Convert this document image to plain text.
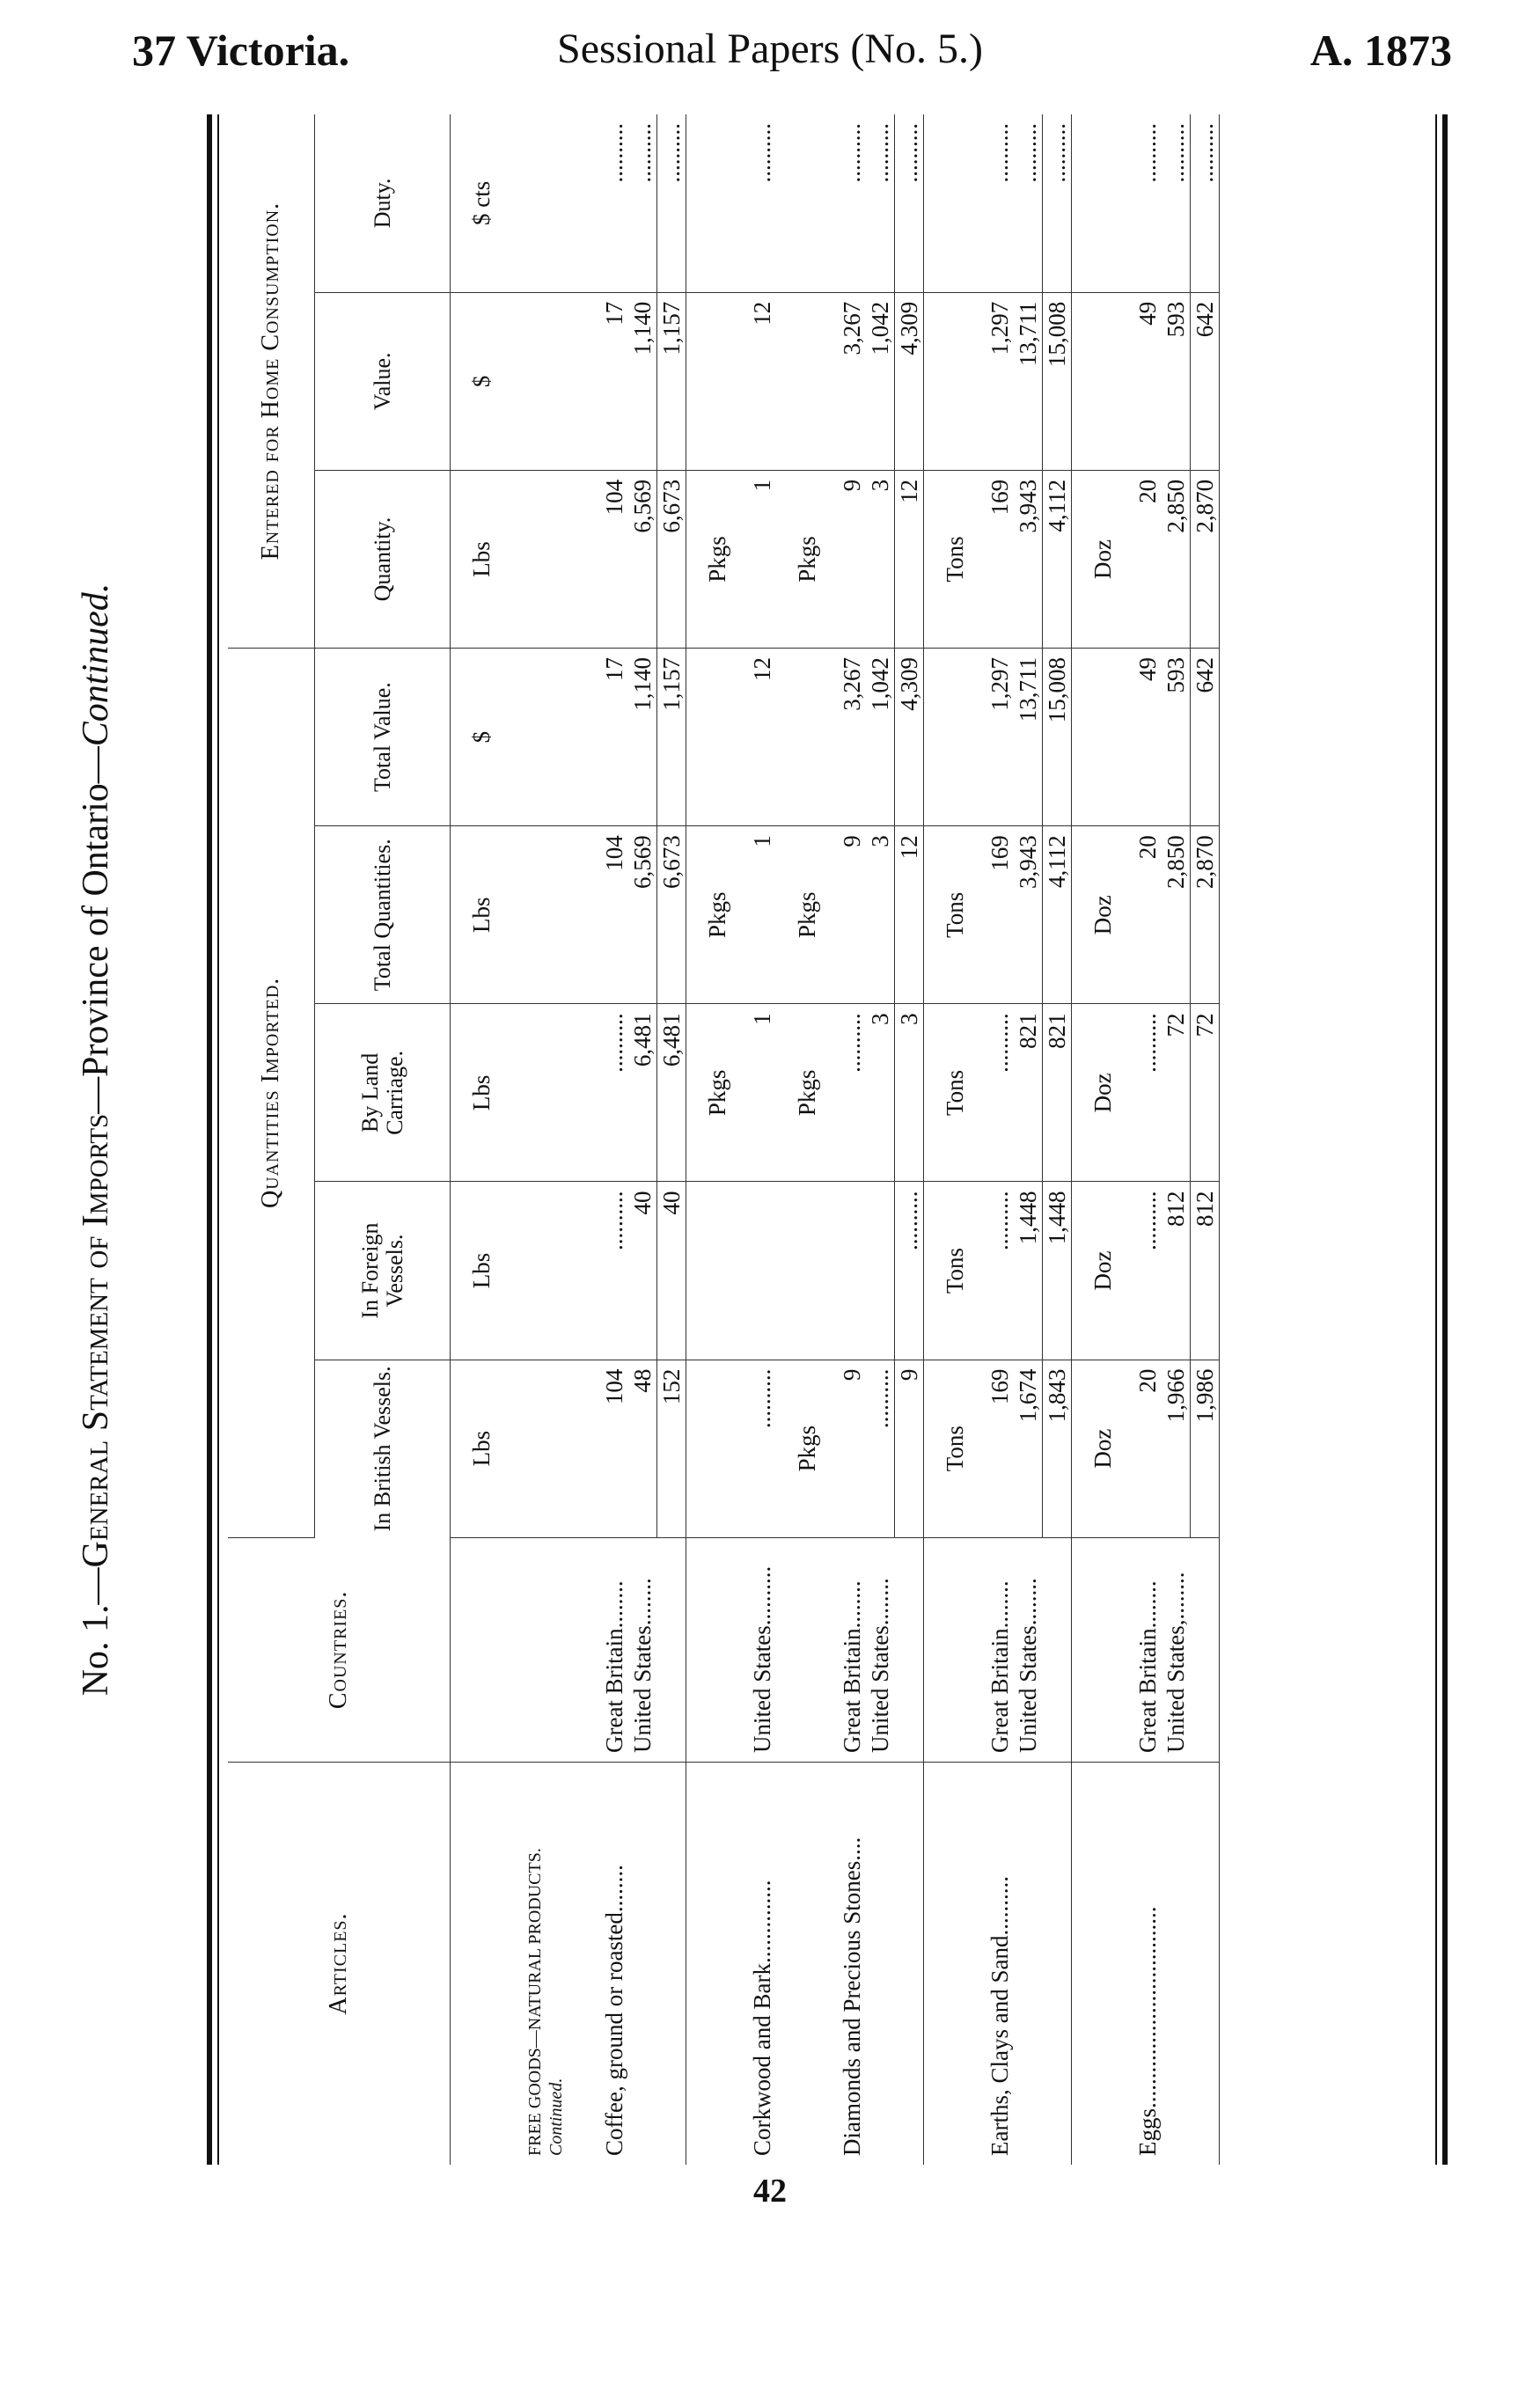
37 Victoria.	Sessional Papers (No. 5.)	A. 1873
No. 1.—General Statement of Imports—Province of Ontario—Continued.
Articles.	Countries.	Quantities Imported.					Entered for Home Consumption.		
		In British Vessels.	In Foreign Vessels.	By Land Carriage.	Total Quantities.	Total Value.	Quantity.	Value.	Duty.
		Lbs	Lbs	Lbs	Lbs	$	Lbs	$	$ cts
FREE GOODS—NATURAL PRODUCTS. Continued.									

Coffee, ground or roasted........	Great Britain........	104	..........	..........	104	17	104	17	..........
	United States........	48	40	6,481	6,569	1,140	6,569	1,140	..........
		152	40	6,481	6,673	1,157	6,673	1,157	..........
				Pkgs	Pkgs		Pkgs		
Corkwood and Bark..............	United States..........	..........		1	1	12	1	12	..........
		Pkgs		Pkgs	Pkgs		Pkgs		
Diamonds and Precious Stones....	Great Britain........	9		..........	9	3,267	9	3,267	..........
	United States........	..........		3	3	1,042	3	1,042	..........
		9	..........	3	12	4,309	12	4,309	..........
		Tons	Tons	Tons	Tons		Tons		
Earths, Clays and Sand..........	Great Britain........	169	..........	..........	169	1,297	169	1,297	..........
	United States........	1,674	1,448	821	3,943	13,711	3,943	13,711	..........
		1,843	1,448	821	4,112	15,008	4,112	15,008	..........
		Doz	Doz	Doz	Doz		Doz		
Eggs..................................	Great Britain........	20	..........	..........	20	49	20	49	..........
	United States,........	1,966	812	72	2,850	593	2,850	593	..........
		1,986	812	72	2,870	642	2,870	642	..........
42
